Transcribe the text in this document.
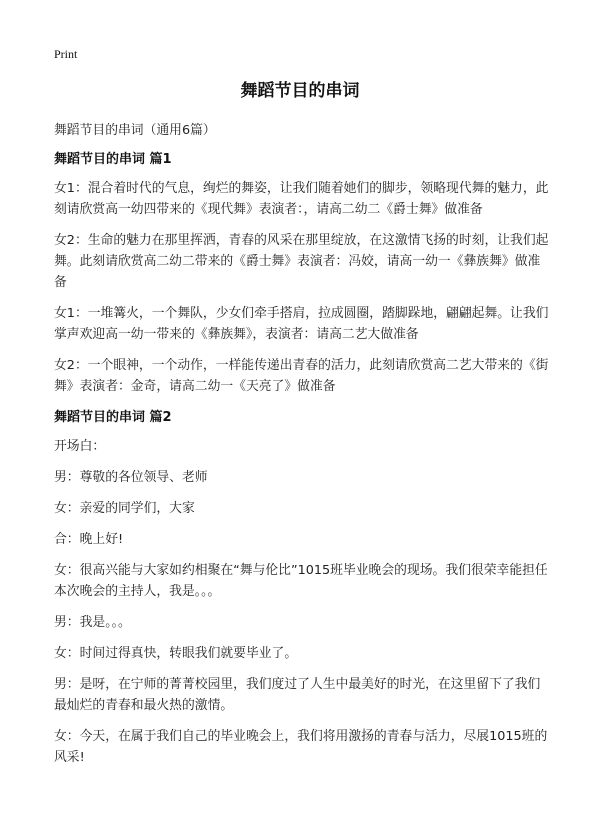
Print
舞蹈节目的串词

舞蹈节目的串词（通用6篇）

舞蹈节目的串词 篇1

女1：混合着时代的气息，绚烂的舞姿，让我们随着她们的脚步，领略现代舞的魅力，此刻请欣赏高一幼四带来的《现代舞》表演者：，请高二幼二《爵士舞》做准备

女2：生命的魅力在那里挥洒，青春的风采在那里绽放，在这激情飞扬的时刻，让我们起舞。此刻请欣赏高二幼二带来的《爵士舞》表演者：冯姣，请高一幼一《彝族舞》做准备

女1：一堆篝火，一个舞队，少女们牵手搭肩，拉成圆圈，踏脚跺地，翩翩起舞。让我们掌声欢迎高一幼一带来的《彝族舞》，表演者：请高二艺大做准备

女2：一个眼神，一个动作，一样能传递出青春的活力，此刻请欣赏高二艺大带来的《街舞》表演者：金奇，请高二幼一《天亮了》做准备

舞蹈节目的串词 篇2

开场白：

男：尊敬的各位领导、老师

女：亲爱的同学们，大家

合：晚上好!

女：很高兴能与大家如约相聚在“舞与伦比”1015班毕业晚会的现场。我们很荣幸能担任本次晚会的主持人，我是。。。

男：我是。。。

女：时间过得真快，转眼我们就要毕业了。

男：是呀，在宁师的菁菁校园里，我们度过了人生中最美好的时光，在这里留下了我们最灿烂的青春和最火热的激情。

女：今天，在属于我们自己的毕业晚会上，我们将用激扬的青春与活力，尽展1015班的风采!
